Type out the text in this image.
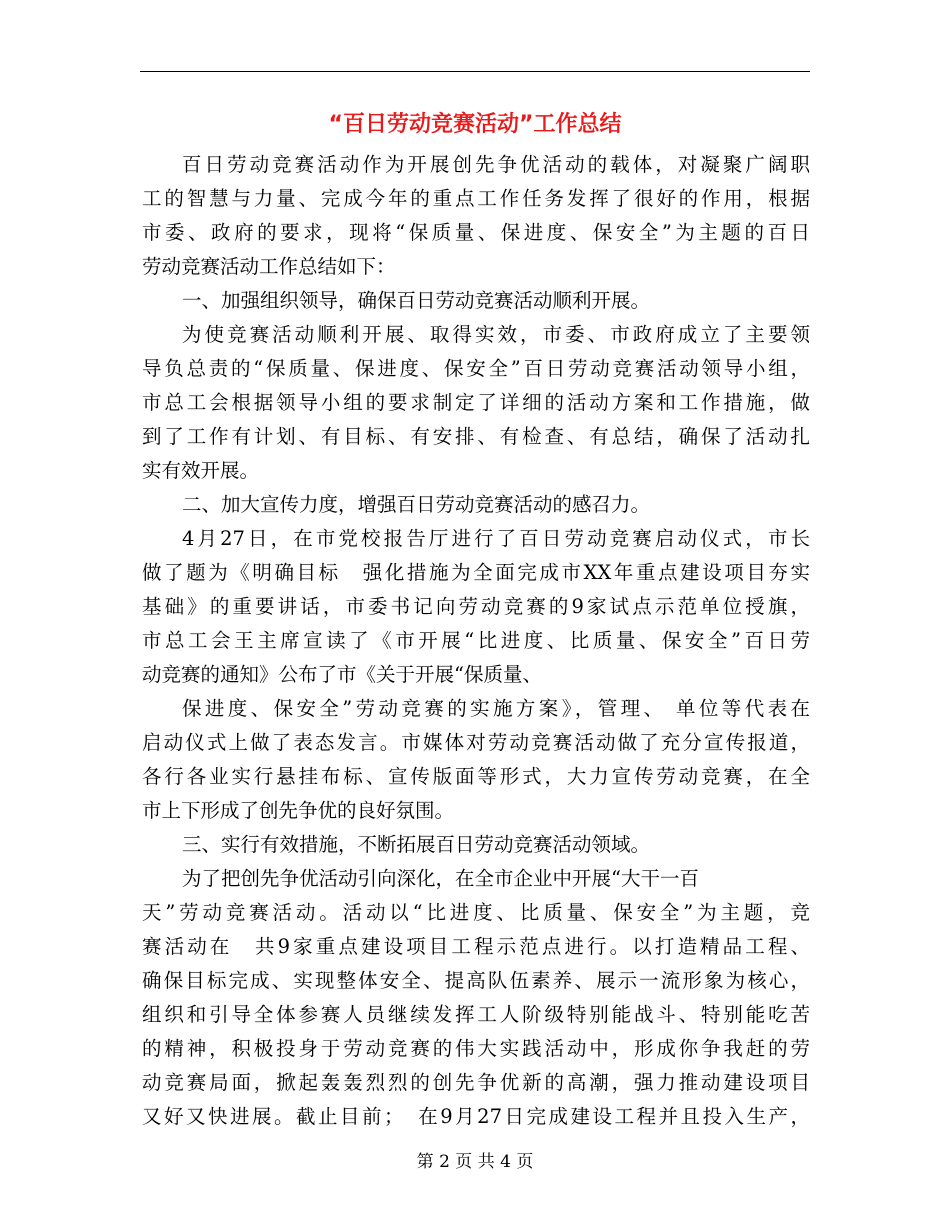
“百日劳动竞赛活动”工作总结
百日劳动竞赛活动作为开展创先争优活动的载体，对凝聚广阔职
工的智慧与力量、完成今年的重点工作任务发挥了很好的作用，根据
市委、政府的要求，现将“保质量、保进度、保安全”为主题的百日
劳动竞赛活动工作总结如下：
一、加强组织领导，确保百日劳动竞赛活动顺利开展。
为使竞赛活动顺利开展、取得实效，市委、市政府成立了主要领
导负总责的“保质量、保进度、保安全”百日劳动竞赛活动领导小组，
市总工会根据领导小组的要求制定了详细的活动方案和工作措施，做
到了工作有计划、有目标、有安排、有检查、有总结，确保了活动扎
实有效开展。
二、加大宣传力度，增强百日劳动竞赛活动的感召力。
4月27日，在市党校报告厅进行了百日劳动竞赛启动仪式，市长
做了题为《明确目标　强化措施为全面完成市XX年重点建设项目夯实
基础》的重要讲话，市委书记向劳动竞赛的9家试点示范单位授旗，
市总工会王主席宣读了《市开展“比进度、比质量、保安全”百日劳
动竞赛的通知》公布了市《关于开展“保质量、
保进度、保安全”劳动竞赛的实施方案》，管理、 单位等代表在
启动仪式上做了表态发言。市媒体对劳动竞赛活动做了充分宣传报道，
各行各业实行悬挂布标、宣传版面等形式，大力宣传劳动竞赛，在全
市上下形成了创先争优的良好氛围。
三、实行有效措施，不断拓展百日劳动竞赛活动领域。
为了把创先争优活动引向深化，在全市企业中开展“大干一百
天”劳动竞赛活动。活动以“比进度、比质量、保安全”为主题，竞
赛活动在　共9家重点建设项目工程示范点进行。以打造精品工程、
确保目标完成、实现整体安全、提高队伍素养、展示一流形象为核心，
组织和引导全体参赛人员继续发挥工人阶级特别能战斗、特别能吃苦
的精神，积极投身于劳动竞赛的伟大实践活动中，形成你争我赶的劳
动竞赛局面，掀起轰轰烈烈的创先争优新的高潮，强力推动建设项目
又好又快进展。截止目前；　在9月27日完成建设工程并且投入生产，
第 2 页 共 4 页
